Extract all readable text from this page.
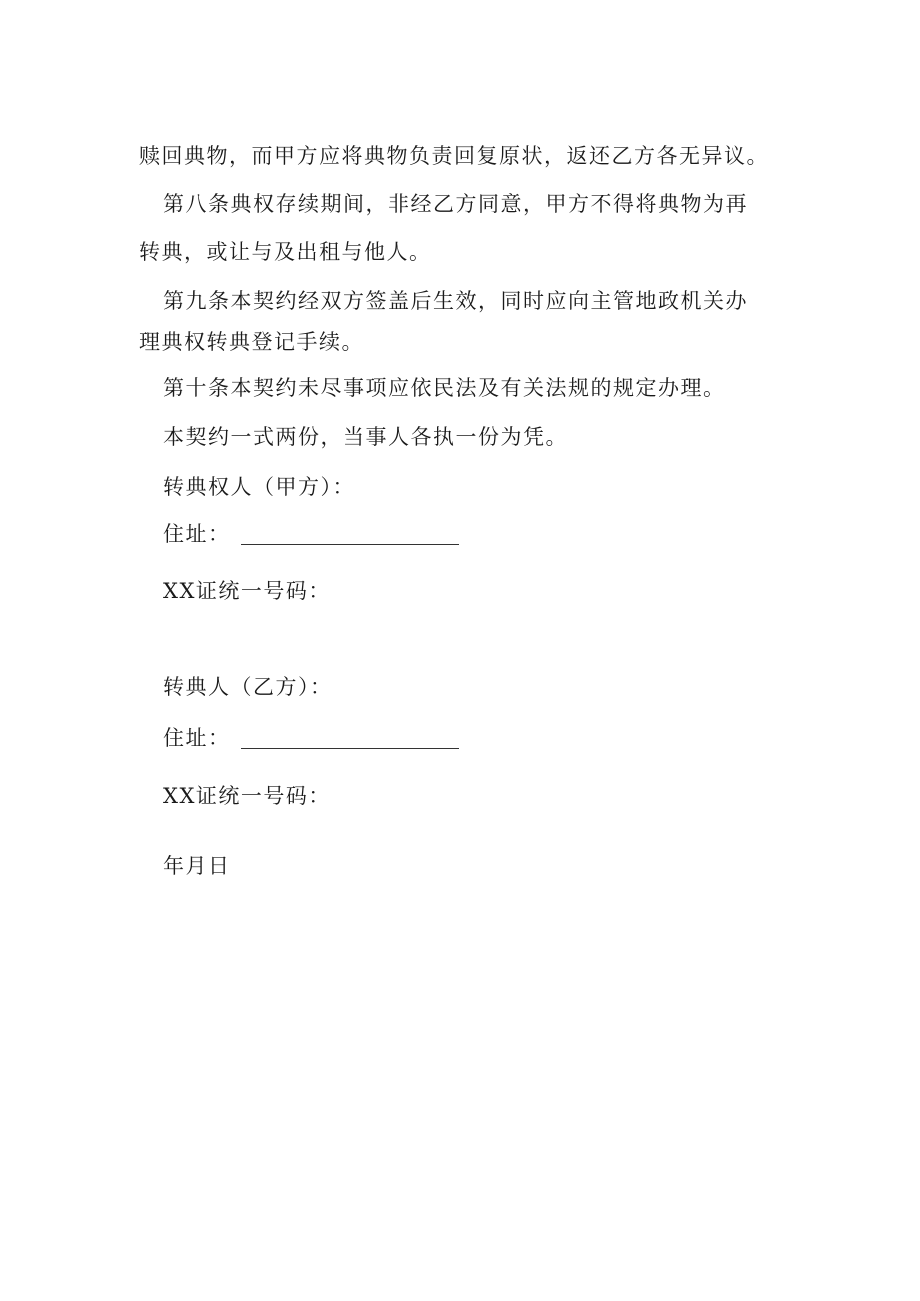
赎回典物，而甲方应将典物负责回复原状，返还乙方各无异议。
第八条典权存续期间，非经乙方同意，甲方不得将典物为再
转典，或让与及出租与他人。
第九条本契约经双方签盖后生效，同时应向主管地政机关办
理典权转典登记手续。
第十条本契约未尽事项应依民法及有关法规的规定办理。
本契约一式两份，当事人各执一份为凭。
转典权人（甲方）：
住址：
XX证统一号码：
转典人（乙方）：
住址：
XX证统一号码：
年月日
